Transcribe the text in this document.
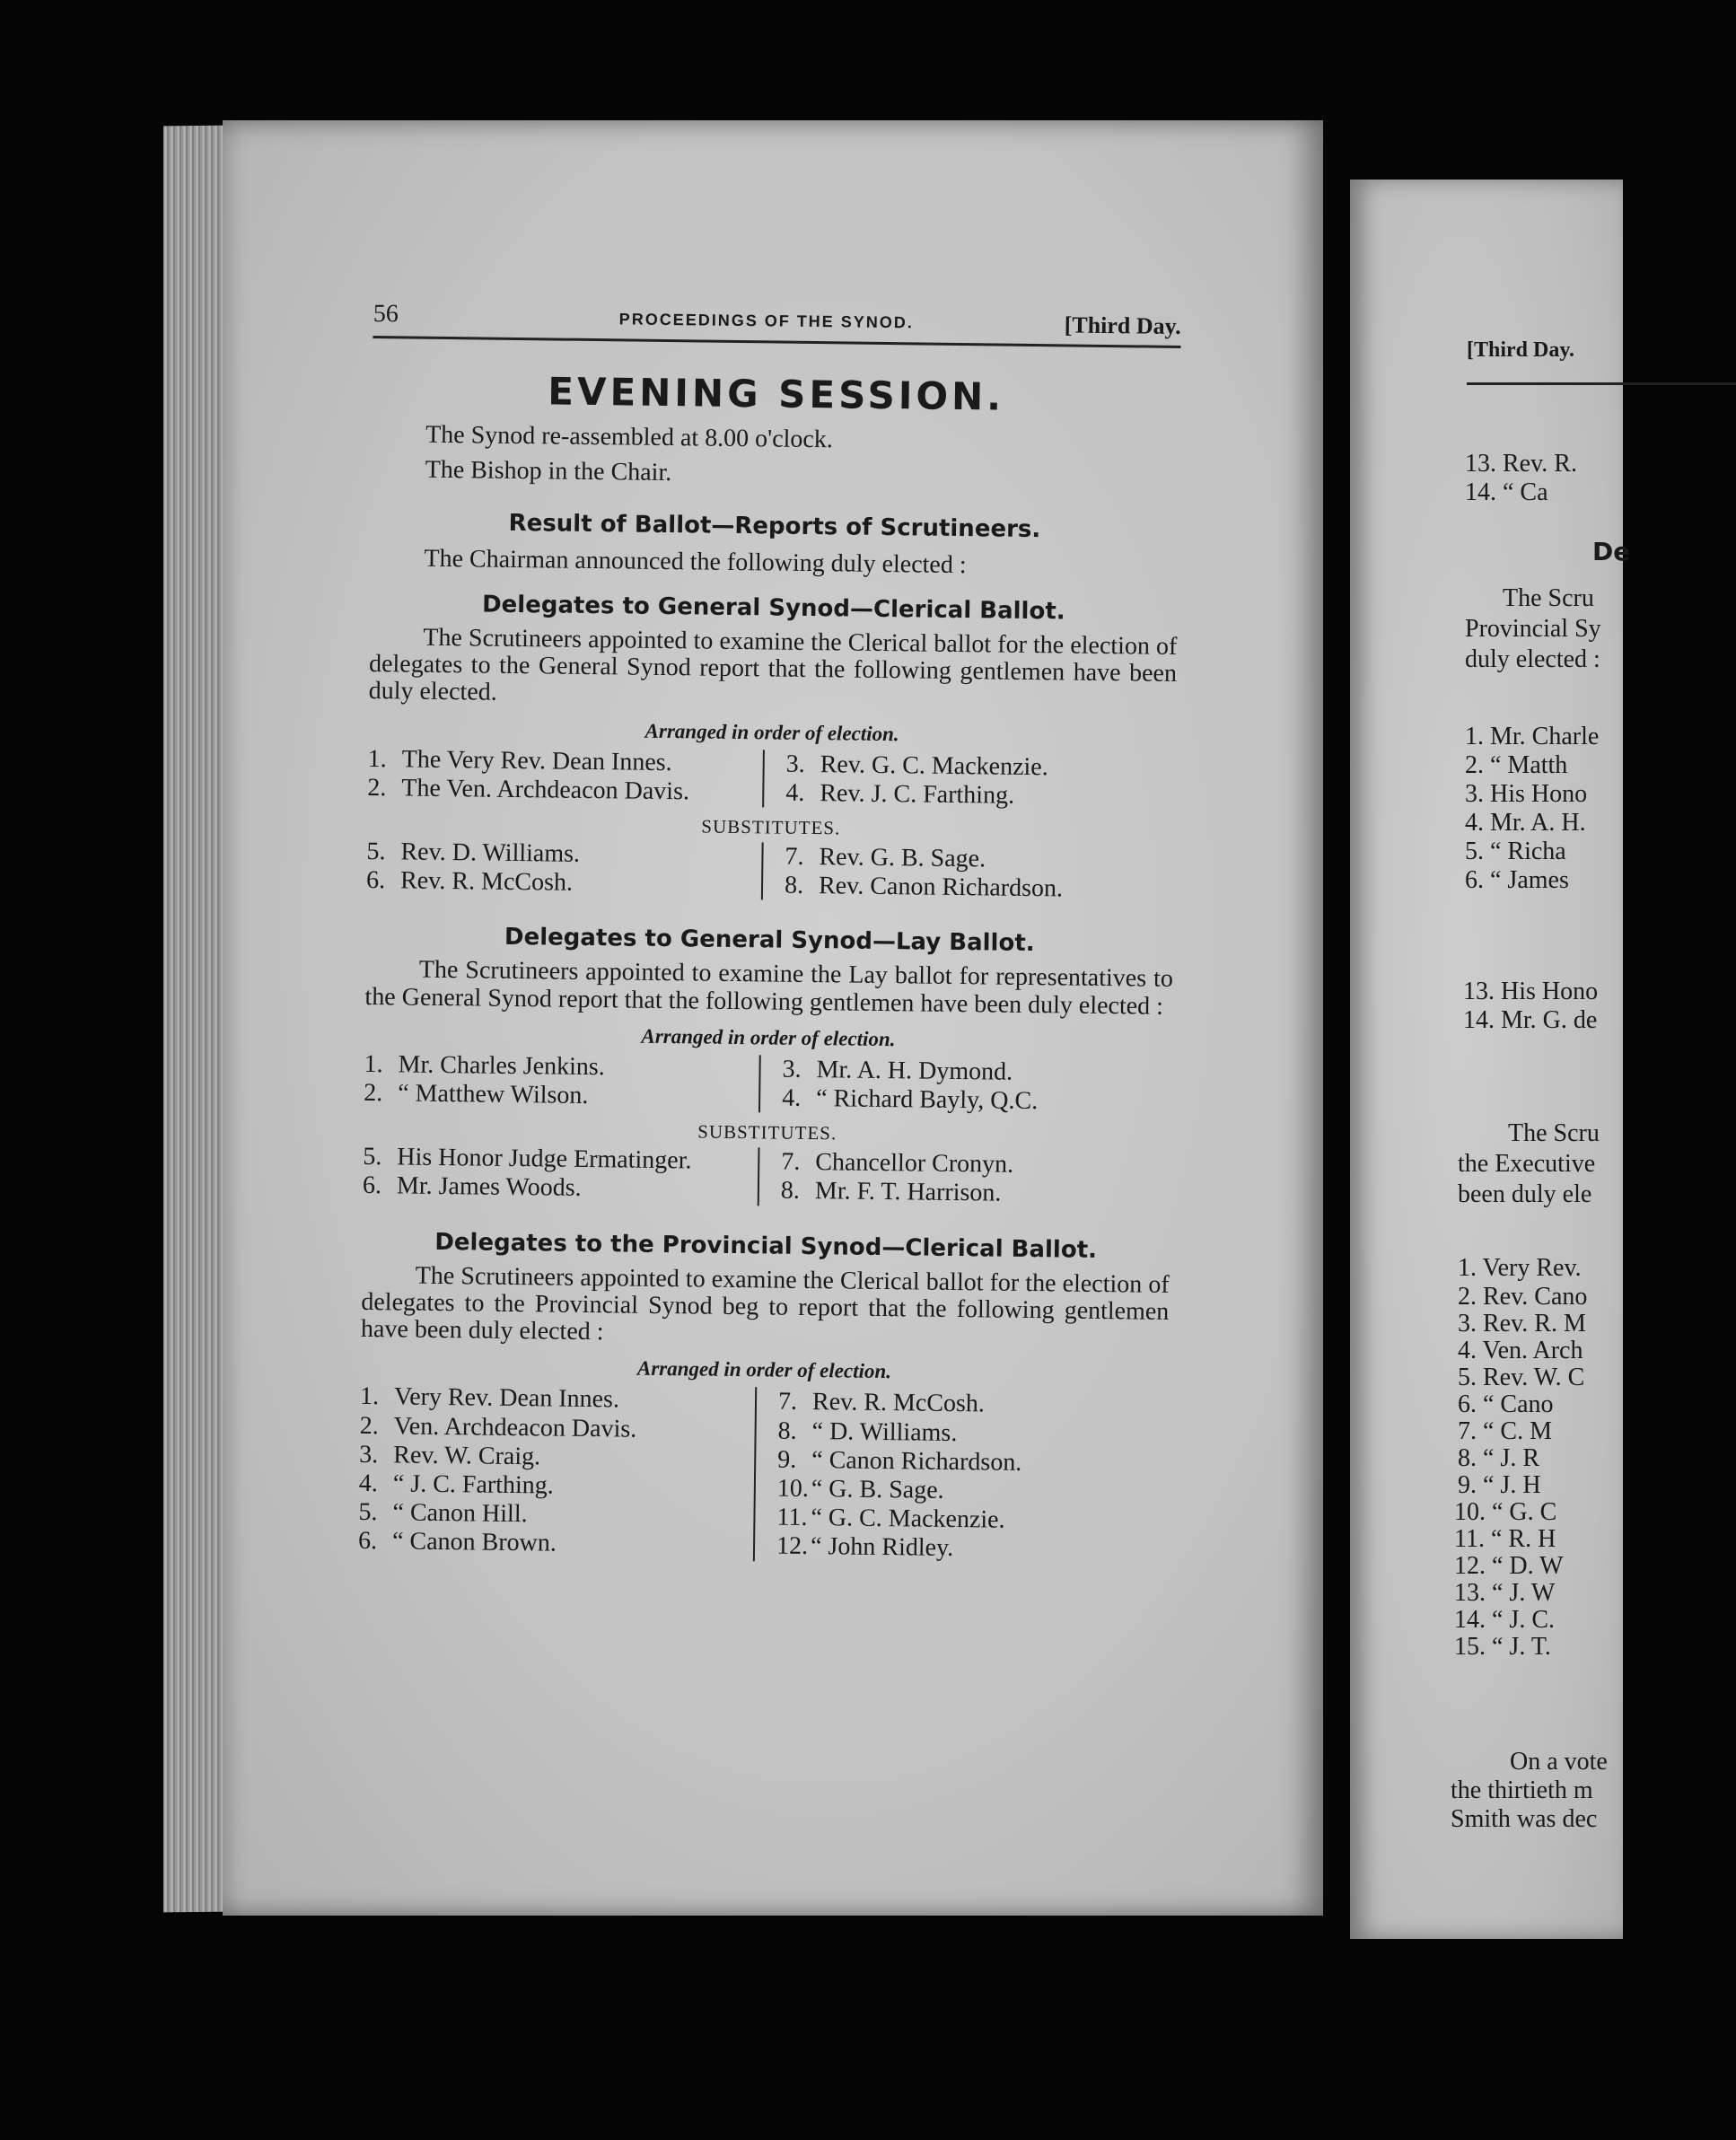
56	PROCEEDINGS OF THE SYNOD.	[Third Day.
EVENING SESSION.
The Synod re-assembled at 8.00 o'clock.
The Bishop in the Chair.
Result of Ballot—Reports of Scrutineers.
The Chairman announced the following duly elected :
Delegates to General Synod—Clerical Ballot.

The Scrutineers appointed to examine the Clerical ballot for the election of delegates to the General Synod report that the following gentlemen have been duly elected.

Arranged in order of election.
1. The Very Rev. Dean Innes.
2. The Ven. Archdeacon Davis.
3. Rev. G. C. Mackenzie.
4. Rev. J. C. Farthing.
SUBSTITUTES.
5. Rev. D. Williams.
6. Rev. R. McCosh.
7. Rev. G. B. Sage.
8. Rev. Canon Richardson.
Delegates to General Synod—Lay Ballot.

The Scrutineers appointed to examine the Lay ballot for representatives to the General Synod report that the following gentlemen have been duly elected :

Arranged in order of election.
1. Mr. Charles Jenkins.
2. “ Matthew Wilson.
3. Mr. A. H. Dymond.
4. “ Richard Bayly, Q.C.
SUBSTITUTES.
5. His Honor Judge Ermatinger.
6. Mr. James Woods.
7. Chancellor Cronyn.
8. Mr. F. T. Harrison.
Delegates to the Provincial Synod—Clerical Ballot.

The Scrutineers appointed to examine the Clerical ballot for the election of delegates to the Provincial Synod beg to report that the following gentlemen have been duly elected :

Arranged in order of election.
1. Very Rev. Dean Innes.
2. Ven. Archdeacon Davis.
3. Rev. W. Craig.
4. “ J. C. Farthing.
5. “ Canon Hill.
6. “ Canon Brown.
7. Rev. R. McCosh.
8. “ D. Williams.
9. “ Canon Richardson.
10.“ G. B. Sage.
11. “ G. C. Mackenzie.
12.“ John Ridley.
[Third Day.
13. Rev. R.
14. “ Ca
De
The Scru
Provincial Sy
duly elected :
1. Mr. Charle
2. “ Matth
3. His Hono
4. Mr. A. H.
5. “ Richa
6. “ James
13. His Hono
14. Mr. G. de
The Scru
the Executive
been duly ele
1. Very Rev.
2. Rev. Cano
3. Rev. R. M
4. Ven. Arch
5. Rev. W. C
6. “ Cano
7. “ C. M
8. “ J. R
9. “ J. H
10. “ G. C
11. “ R. H
12. “ D. W
13. “ J. W
14. “ J. C.
15. “ J. T.
On a vote
the thirtieth m
Smith was dec
